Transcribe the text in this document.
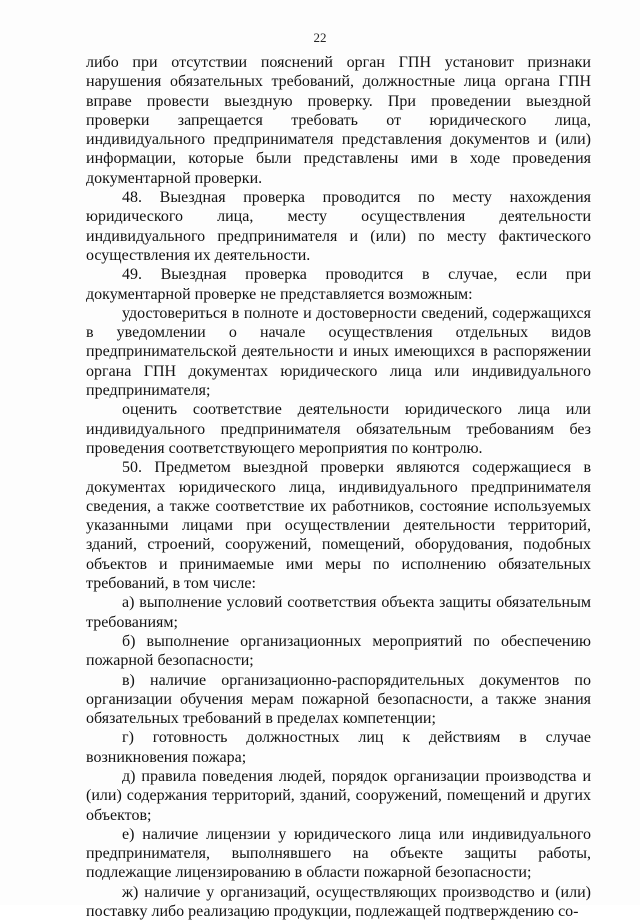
22

либо при отсутствии пояснений орган ГПН установит признаки нарушения обязательных требований, должностные лица органа ГПН вправе провести выездную проверку. При проведении выездной проверки запрещается требовать от юридического лица, индивидуального предпринимателя представления документов и (или) информации, которые были представлены ими в ходе проведения документарной проверки.

48. Выездная проверка проводится по месту нахождения юридического лица, месту осуществления деятельности индивидуального предпринимателя и (или) по месту фактического осуществления их деятельности.

49. Выездная проверка проводится в случае, если при документарной проверке не представляется возможным:

удостовериться в полноте и достоверности сведений, содержащихся в уведомлении о начале осуществления отдельных видов предпринимательской деятельности и иных имеющихся в распоряжении органа ГПН документах юридического лица или индивидуального предпринимателя;

оценить соответствие деятельности юридического лица или индивидуального предпринимателя обязательным требованиям без проведения соответствующего мероприятия по контролю.

50. Предметом выездной проверки являются содержащиеся в документах юридического лица, индивидуального предпринимателя сведения, а также соответствие их работников, состояние используемых указанными лицами при осуществлении деятельности территорий, зданий, строений, сооружений, помещений, оборудования, подобных объектов и принимаемые ими меры по исполнению обязательных требований, в том числе:

а) выполнение условий соответствия объекта защиты обязательным требованиям;

б) выполнение организационных мероприятий по обеспечению пожарной безопасности;

в) наличие организационно-распорядительных документов по организации обучения мерам пожарной безопасности, а также знания обязательных требований в пределах компетенции;

г) готовность должностных лиц к действиям в случае возникновения пожара;

д) правила поведения людей, порядок организации производства и (или) содержания территорий, зданий, сооружений, помещений и других объектов;

е) наличие лицензии у юридического лица или индивидуального предпринимателя, выполнявшего на объекте защиты работы, подлежащие лицензированию в области пожарной безопасности;

ж) наличие у организаций, осуществляющих производство и (или) поставку либо реализацию продукции, подлежащей подтверждению со-
